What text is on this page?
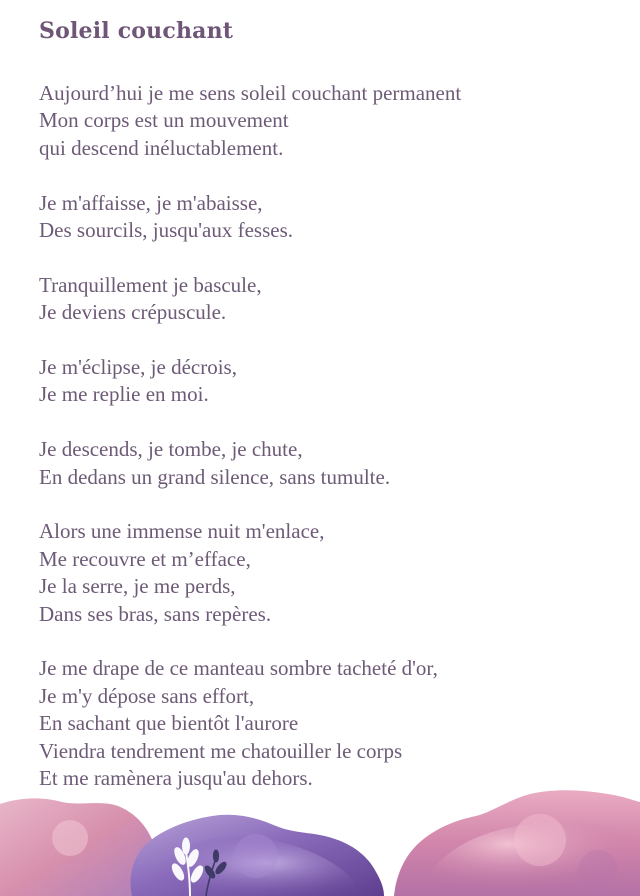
Soleil couchant

Aujourd’hui je me sens soleil couchant permanent
Mon corps est un mouvement
qui descend inéluctablement.

Je m'affaisse, je m'abaisse,
Des sourcils, jusqu'aux fesses.

Tranquillement je bascule,
Je deviens crépuscule.

Je m'éclipse, je décrois,
Je me replie en moi.

Je descends, je tombe, je chute,
En dedans un grand silence, sans tumulte.

Alors une immense nuit m'enlace,
Me recouvre et m’efface,
Je la serre, je me perds,
Dans ses bras, sans repères.

Je me drape de ce manteau sombre tacheté d'or,
Je m'y dépose sans effort,
En sachant que bientôt l'aurore
Viendra tendrement me chatouiller le corps
Et me ramènera jusqu'au dehors.
